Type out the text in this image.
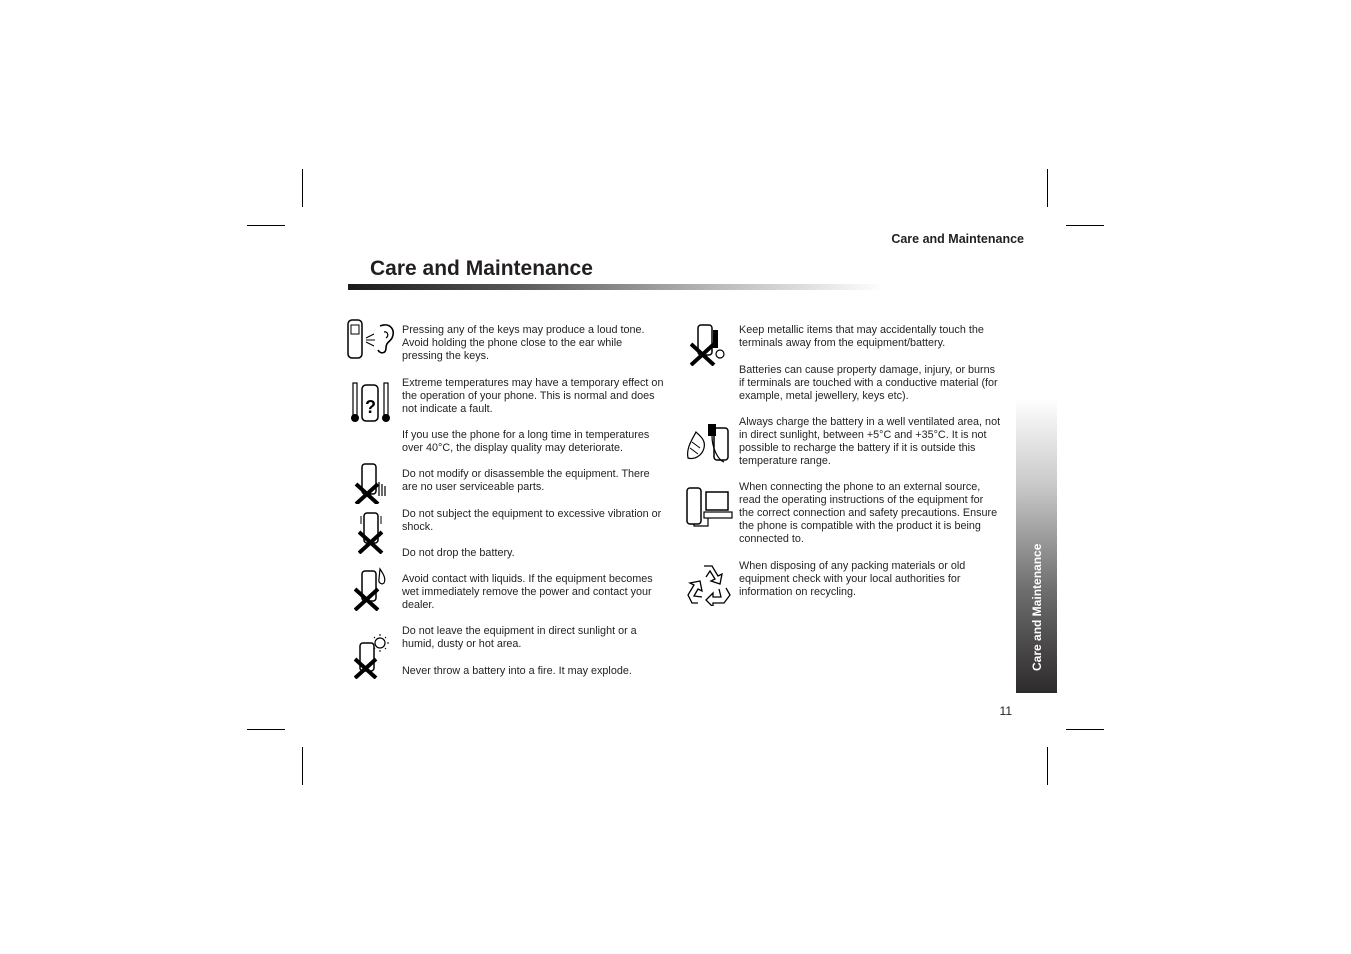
Care and Maintenance
Care and Maintenance
?

Pressing any of the keys may produce a loud tone. Avoid holding the phone close to the ear while pressing the keys.

Extreme temperatures may have a temporary effect on the operation of your phone. This is normal and does not indicate a fault.

If you use the phone for a long time in temperatures over 40°C, the display quality may deteriorate.

Do not modify or disassemble the equipment. There are no user serviceable parts.

Do not subject the equipment to excessive vibration or shock.

Do not drop the battery.

Avoid contact with liquids. If the equipment becomes wet immediately remove the power and contact your dealer.

Do not leave the equipment in direct sunlight or a humid, dusty or hot area.

Never throw a battery into a fire. It may explode.

Keep metallic items that may accidentally touch the terminals away from the equipment/battery.

Batteries can cause property damage, injury, or burns if terminals are touched with a conductive material (for example, metal jewellery, keys etc).

Always charge the battery in a well ventilated area, not in direct sunlight, between +5°C and +35°C. It is not possible to recharge the battery if it is outside this temperature range.

When connecting the phone to an external source, read the operating instructions of the equipment for the correct connection and safety precautions. Ensure the phone is compatible with the product it is being connected to.

When disposing of any packing materials or old equipment check with your local authorities for information on recycling.	Care and Maintenance
11
